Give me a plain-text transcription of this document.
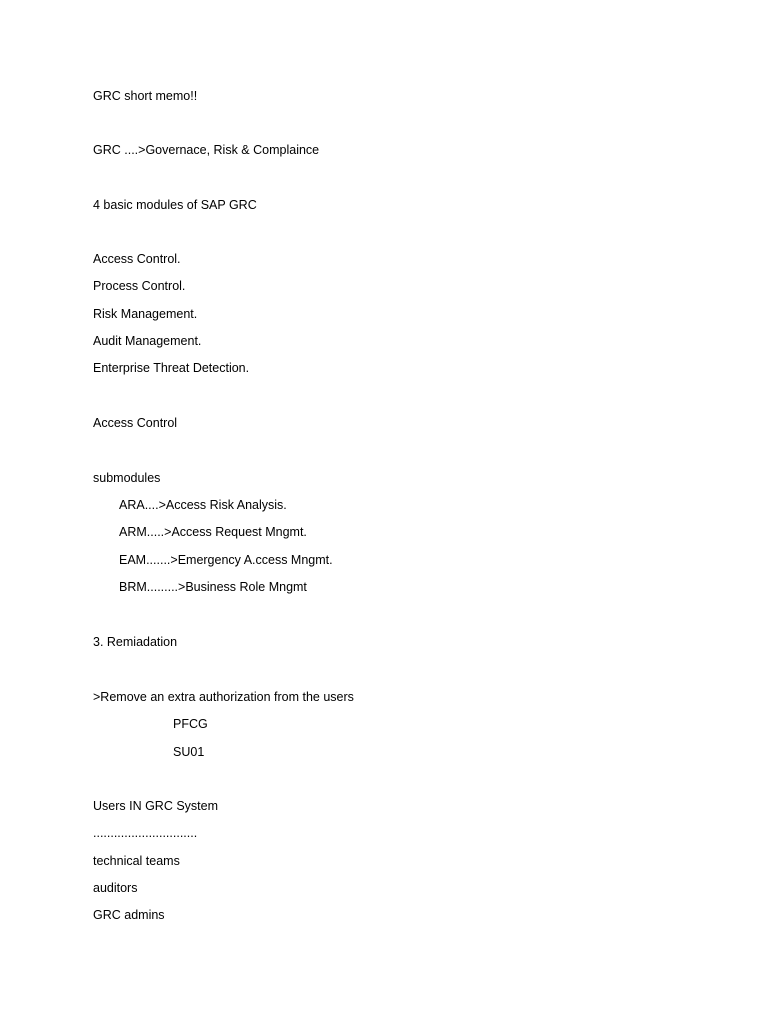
GRC short memo!!
GRC ....>Governace, Risk & Complaince
4 basic modules of SAP GRC
Access Control.
Process Control.
Risk Management.
Audit Management.
Enterprise Threat Detection.
Access Control
submodules
ARA....>Access Risk Analysis.
ARM.....>Access Request Mngmt.
EAM.......>Emergency A.ccess Mngmt.
BRM.........>Business Role Mngmt
3. Remiadation
>Remove an extra authorization from the users
PFCG
SU01
Users IN GRC System
..............................
technical teams
auditors
GRC admins
